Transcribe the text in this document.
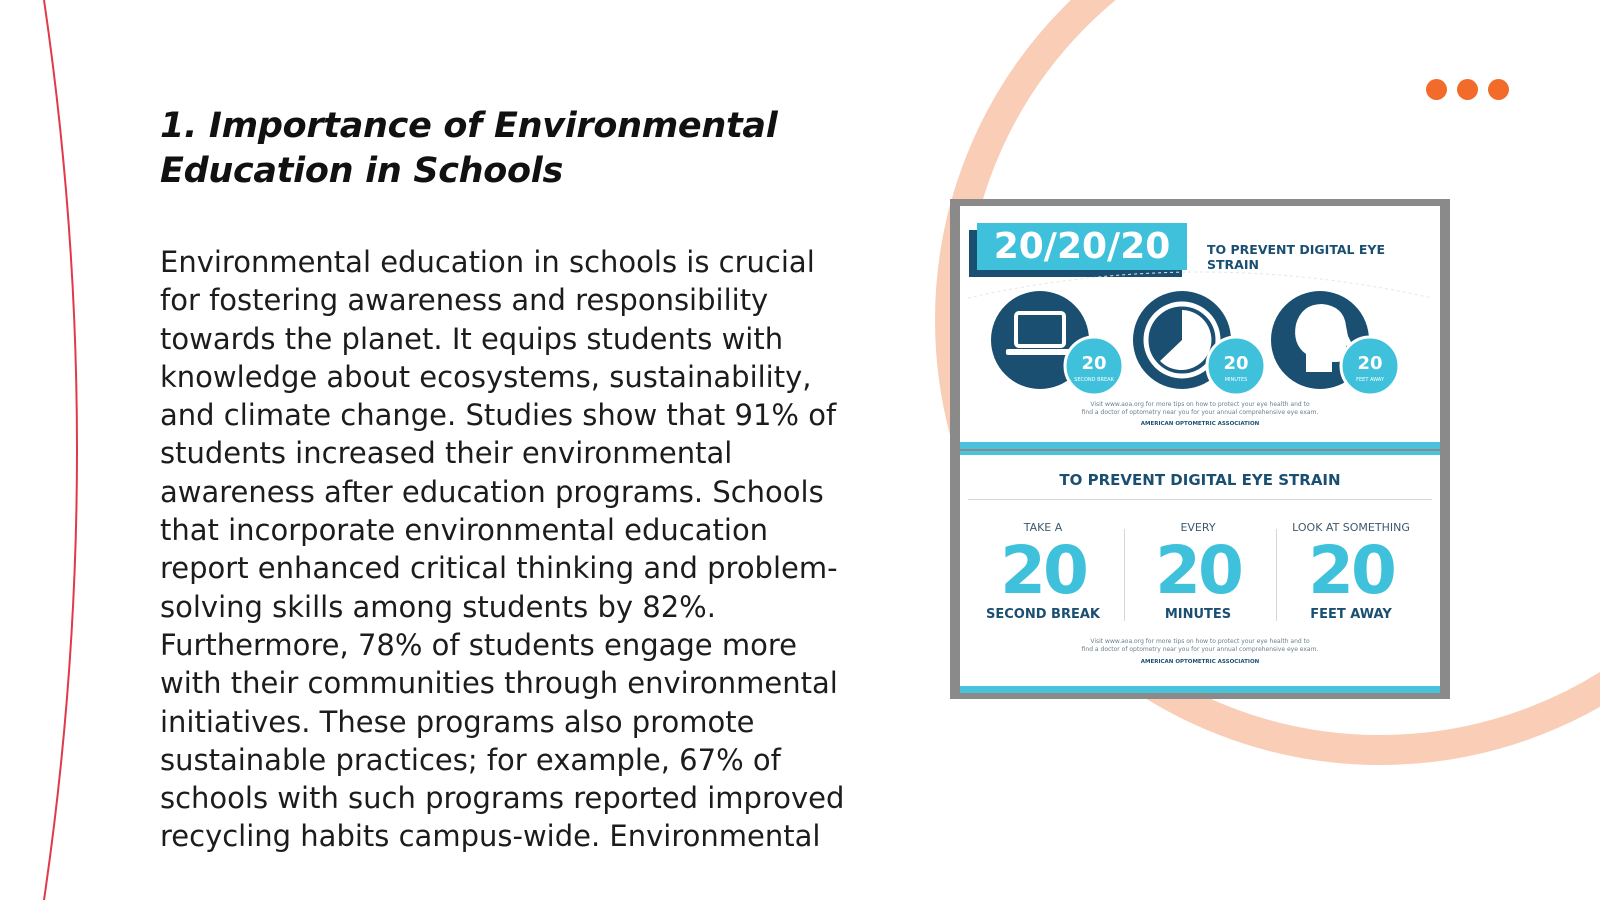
1. Importance of Environmental Education in Schools

Environmental education in schools is crucial for fostering awareness and responsibility towards the planet. It equips students with knowledge about ecosystems, sustainability, and climate change. Studies show that 91% of students increased their environmental awareness after education programs. Schools that incorporate environmental education report enhanced critical thinking and problem-solving skills among students by 82%. Furthermore, 78% of students engage more with their communities through environmental initiatives. These programs also promote sustainable practices; for example, 67% of schools with such programs reported improved recycling habits campus-wide. Environmental

20/20/20	TO PREVENT DIGITAL EYE STRAIN
20
SECOND BREAK
20
MINUTES
20
FEET AWAY
Visit www.aoa.org for more tips on how to protect your eye health and to
find a doctor of optometry near you for your annual comprehensive eye exam.
AMERICAN OPTOMETRIC ASSOCIATION
TO PREVENT DIGITAL EYE STRAIN
TAKE A
20
SECOND BREAK
EVERY
20
MINUTES
LOOK AT SOMETHING
20
FEET AWAY
Visit www.aoa.org for more tips on how to protect your eye health and to
find a doctor of optometry near you for your annual comprehensive eye exam.
AMERICAN OPTOMETRIC ASSOCIATION
